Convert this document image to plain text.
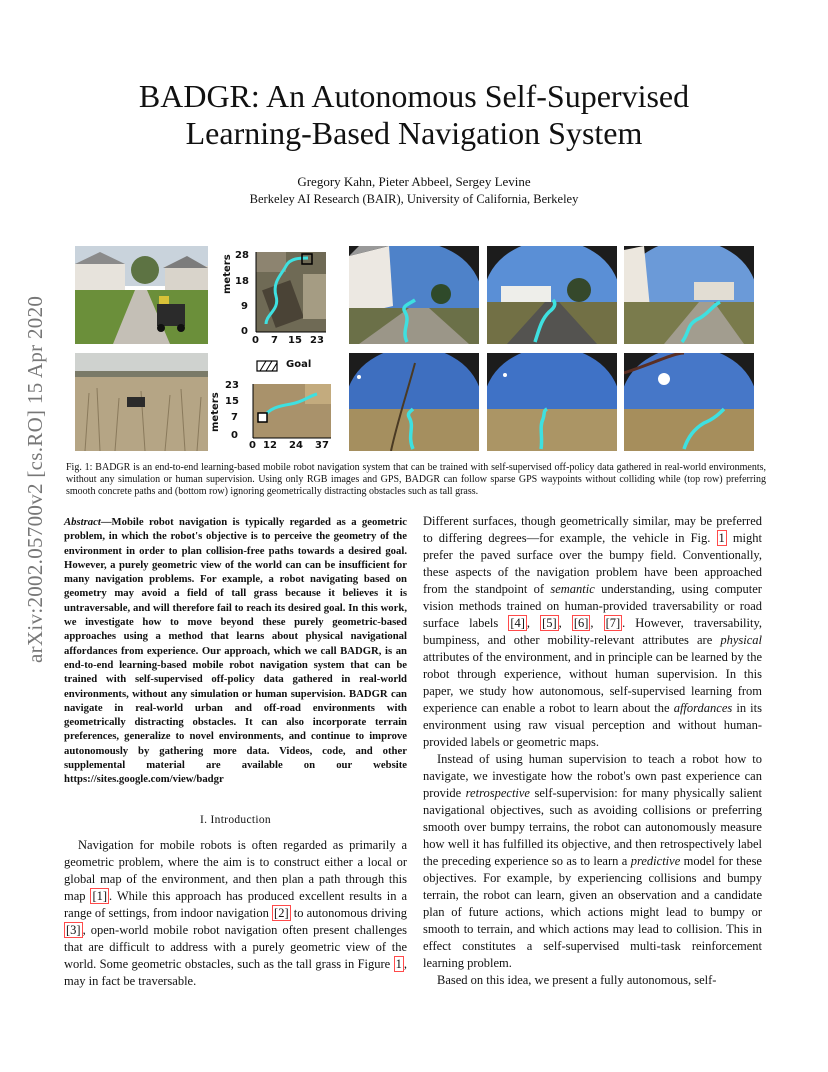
arXiv:2002.05700v2 [cs.RO] 15 Apr 2020
BADGR: An Autonomous Self-Supervised
Learning-Based Navigation System
Gregory Kahn, Pieter Abbeel, Sergey Levine
Berkeley AI Research (BAIR), University of California, Berkeley
28
18
9
0
meters
0 7 15 23
Goal
23
15
7
0
meters
0 12 24 37
Fig. 1: BADGR is an end-to-end learning-based mobile robot navigation system that can be trained with self-supervised off-policy data gathered in real-world environments, without any simulation or human supervision. Using only RGB images and GPS, BADGR can follow sparse GPS waypoints without colliding while (top row) preferring smooth concrete paths and (bottom row) ignoring geometrically distracting obstacles such as tall grass.
Abstract—Mobile robot navigation is typically regarded as a geometric problem, in which the robot's objective is to perceive the geometry of the environment in order to plan collision-free paths towards a desired goal. However, a purely geometric view of the world can can be insufficient for many navigation problems. For example, a robot navigating based on geometry may avoid a field of tall grass because it believes it is untraversable, and will therefore fail to reach its desired goal. In this work, we investigate how to move beyond these purely geometric-based approaches using a method that learns about physical navigational affordances from experience. Our approach, which we call BADGR, is an end-to-end learning-based mobile robot navigation system that can be trained with self-supervised off-policy data gathered in real-world environments, without any simulation or human supervision. BADGR can navigate in real-world urban and off-road environments with geometrically distracting obstacles. It can also incorporate terrain preferences, generalize to novel environments, and continue to improve autonomously by gathering more data. Videos, code, and other supplemental material are available on our website https://sites.google.com/view/badgr
I. Introduction

Navigation for mobile robots is often regarded as primarily a geometric problem, where the aim is to construct either a local or global map of the environment, and then plan a path through this map [1] . While this approach has produced excellent results in a range of settings, from indoor navigation [2] to autonomous driving [3] , open-world mobile robot navigation often present challenges that are difficult to address with a purely geometric view of the world. Some geometric obstacles, such as the tall grass in Figure 1 , may in fact be traversable.

Different surfaces, though geometrically similar, may be preferred to differing degrees—for example, the vehicle in Fig. 1 might prefer the paved surface over the bumpy field. Conventionally, these aspects of the navigation problem have been approached from the standpoint of semantic understanding, using computer vision methods trained on human-provided traversability or road surface labels [4] , [5] , [6] , [7] . However, traversability, bumpiness, and other mobility-relevant attributes are physical attributes of the environment, and in principle can be learned by the robot through experience, without human supervision. In this paper, we study how autonomous, self-supervised learning from experience can enable a robot to learn about the affordances in its environment using raw visual perception and without human-provided labels or geometric maps.

Instead of using human supervision to teach a robot how to navigate, we investigate how the robot's own past experience can provide retrospective self-supervision: for many physically salient navigational objectives, such as avoiding collisions or preferring smooth over bumpy terrains, the robot can autonomously measure how well it has fulfilled its objective, and then retrospectively label the preceding experience so as to learn a predictive model for these objectives. For example, by experiencing collisions and bumpy terrain, the robot can learn, given an observation and a candidate plan of future actions, which actions might lead to bumpy or smooth to terrain, and which actions may lead to collision. This in effect constitutes a self-supervised multi-task reinforcement learning problem.

Based on this idea, we present a fully autonomous, self-
